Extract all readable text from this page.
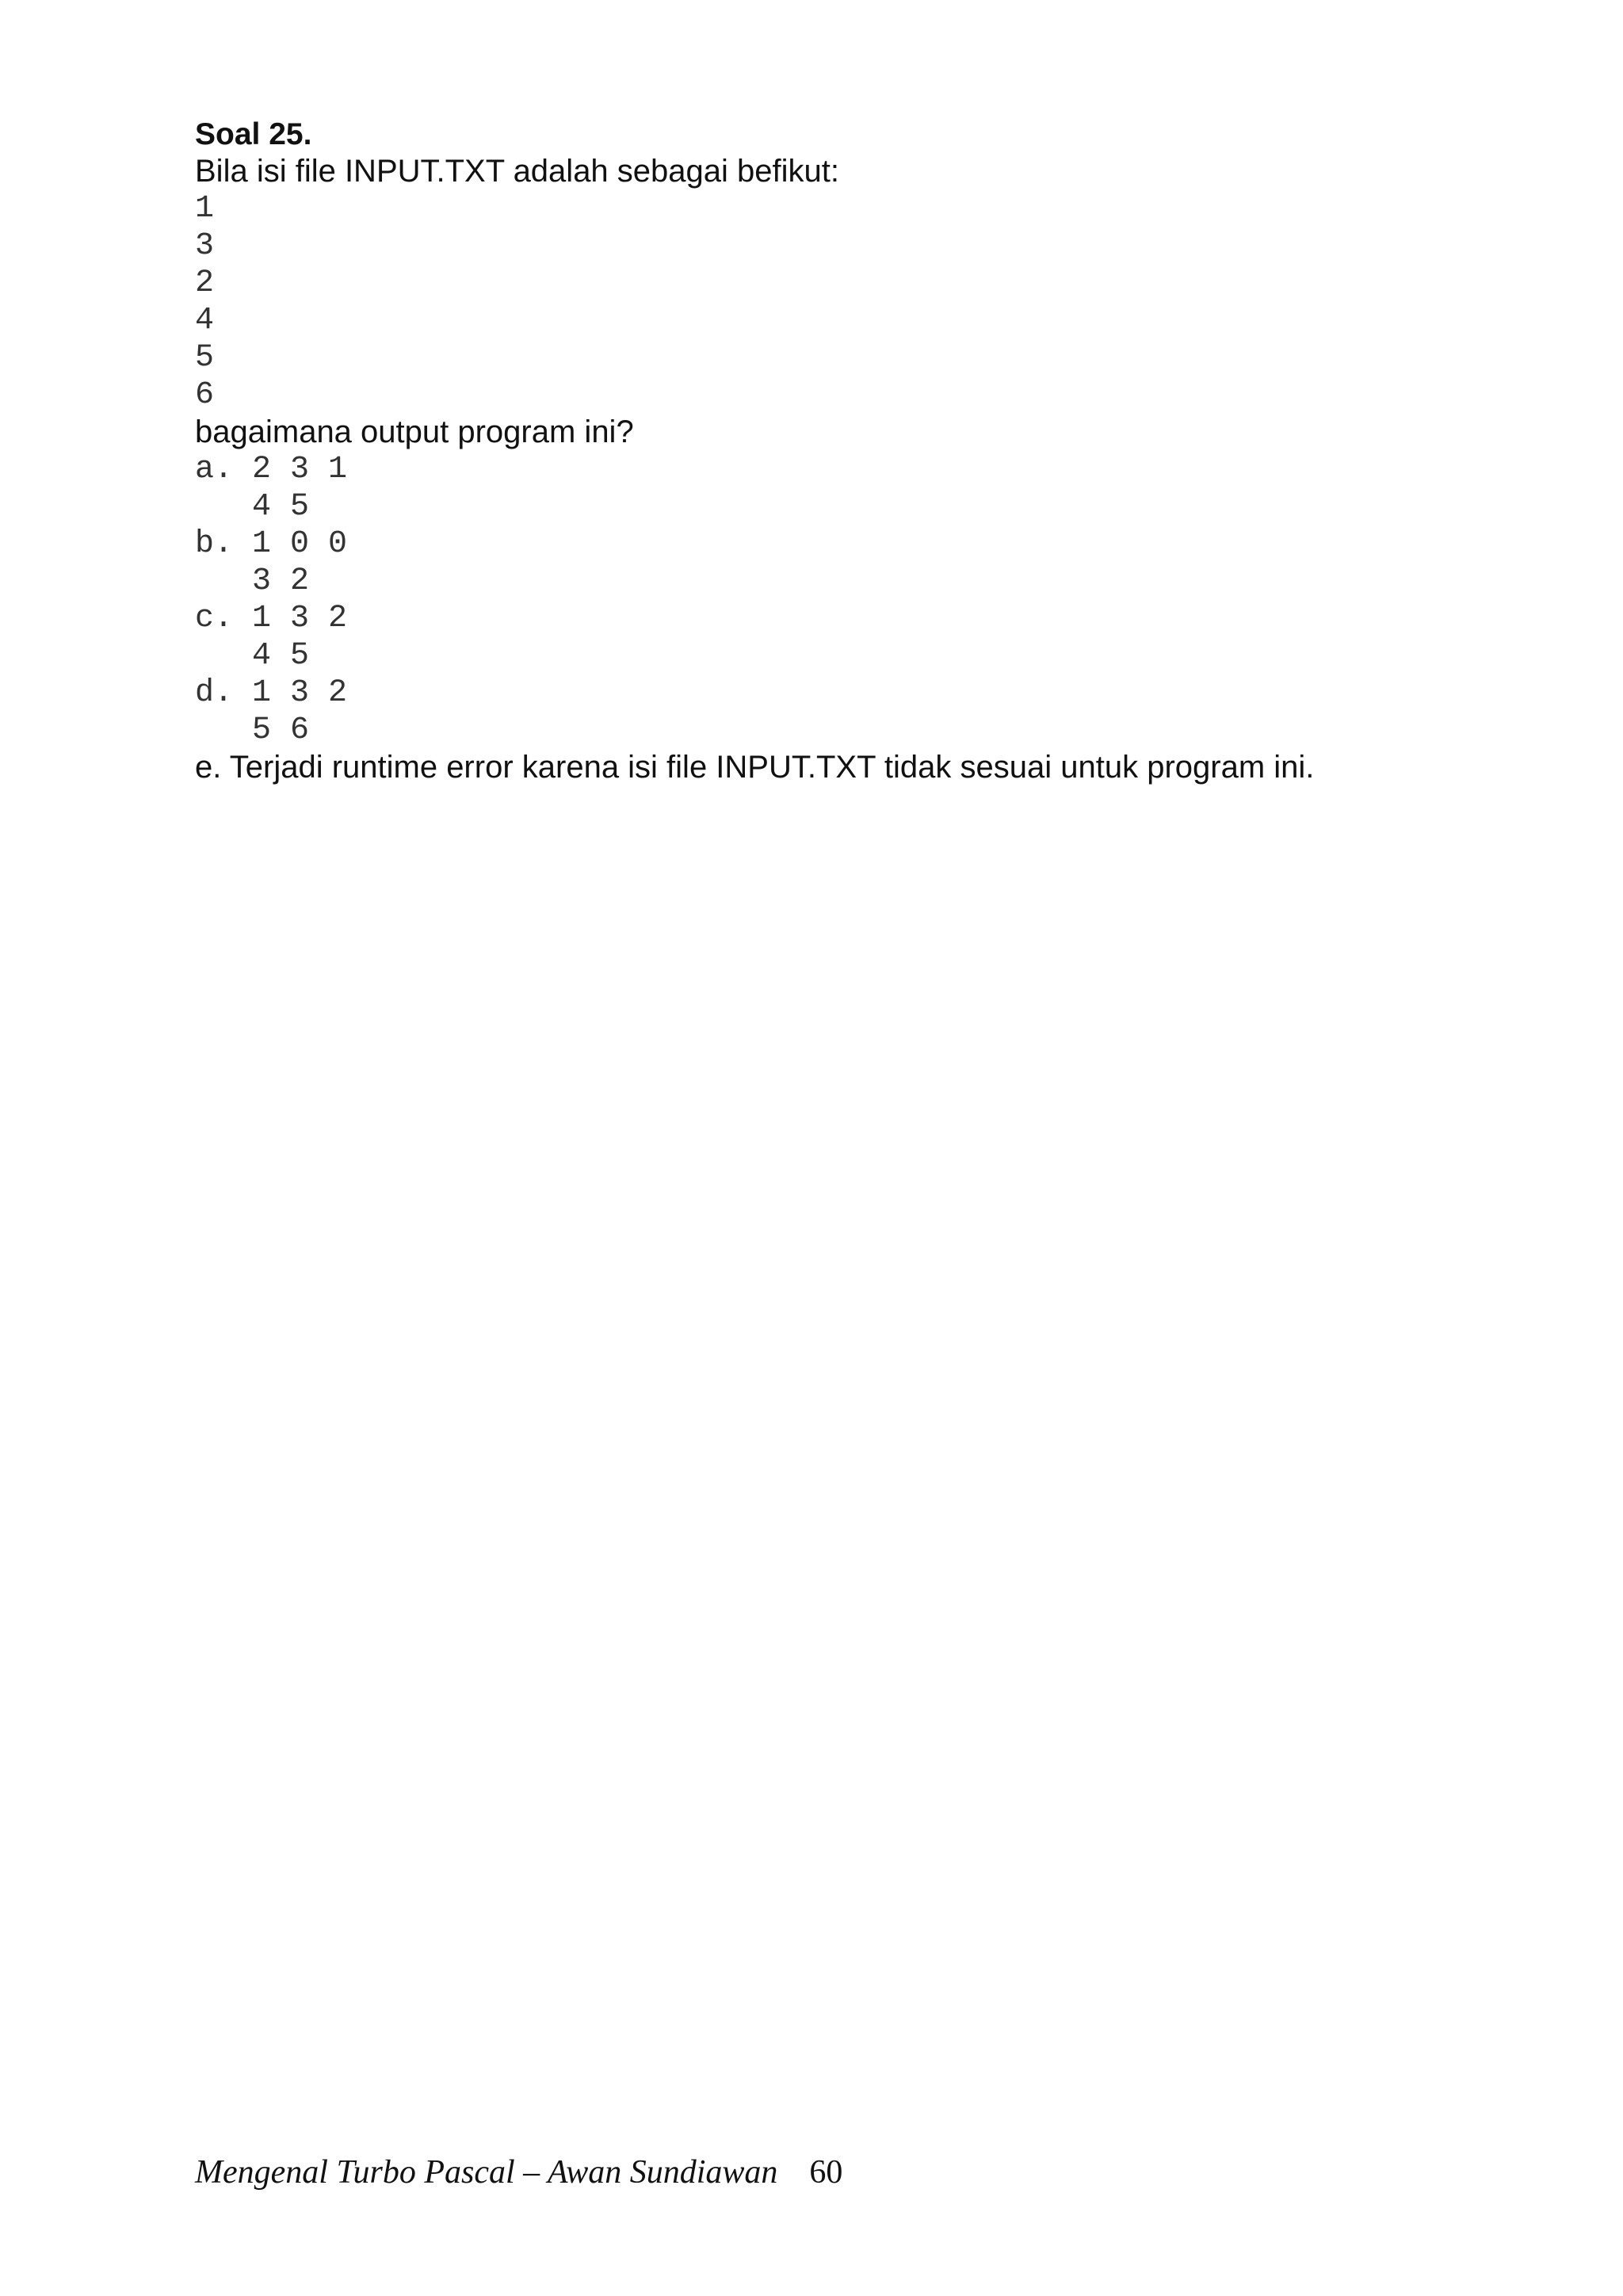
Soal 25.
Bila isi file INPUT.TXT adalah sebagai befikut:
1
3
2
4
5
6
bagaimana output program ini?
a. 2 3 1
4 5
b. 1 0 0
3 2
c. 1 3 2
4 5
d. 1 3 2
5 6
e. Terjadi runtime error karena isi file INPUT.TXT tidak sesuai untuk program ini.
Mengenal Turbo Pascal – Awan Sundiawan 60
